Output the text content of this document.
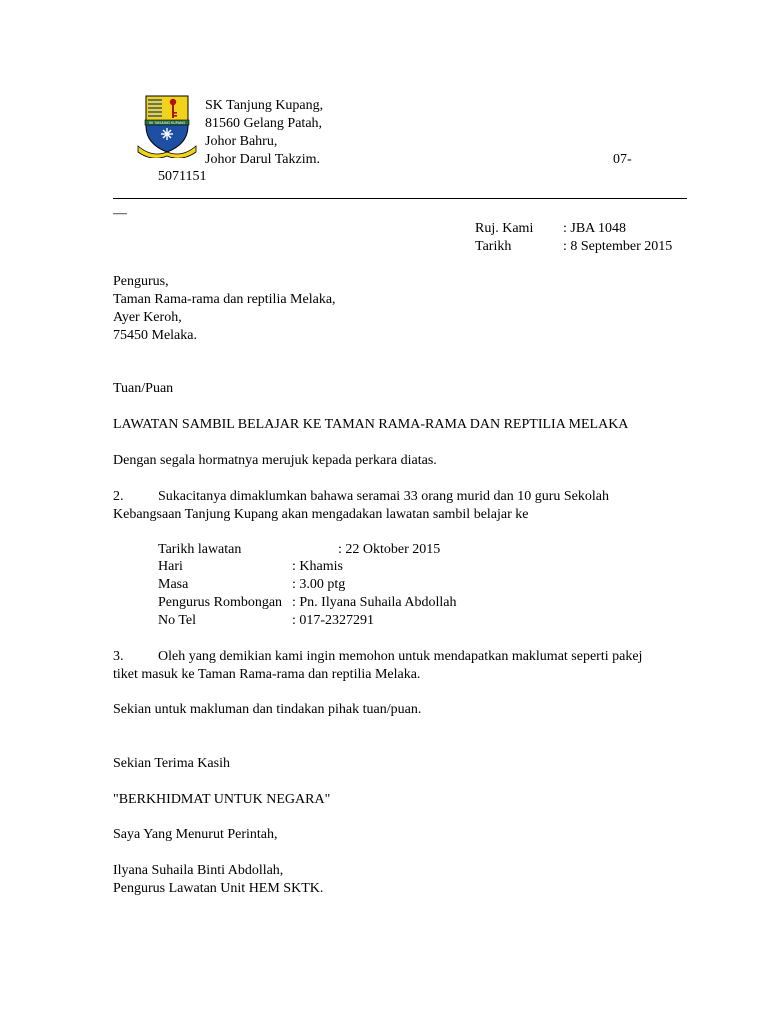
SK TANJUNG KUPANG
SK Tanjung Kupang,
81560 Gelang Patah,
Johor Bahru,
Johor Darul Takzim.	07-
5071151
—
Ruj. Kami : JBA 1048
Tarikh	: 8 September 2015
Pengurus,
Taman Rama-rama dan reptilia Melaka,
Ayer Keroh,
75450 Melaka.
Tuan/Puan
LAWATAN SAMBIL BELAJAR KE TAMAN RAMA-RAMA DAN REPTILIA MELAKA
Dengan segala hormatnya merujuk kepada perkara diatas.
2. Sukacitanya dimaklumkan bahawa seramai 33 orang murid dan 10 guru Sekolah
Kebangsaan Tanjung Kupang akan mengadakan lawatan sambil belajar ke
Tarikh lawatan	: 22 Oktober 2015
Hari	: Khamis
Masa	: 3.00 ptg
Pengurus Rombongan : Pn. Ilyana Suhaila Abdollah
No Tel	: 017-2327291
3. Oleh yang demikian kami ingin memohon untuk mendapatkan maklumat seperti pakej
tiket masuk ke Taman Rama-rama dan reptilia Melaka.
Sekian untuk makluman dan tindakan pihak tuan/puan.
Sekian Terima Kasih
"BERKHIDMAT UNTUK NEGARA"
Saya Yang Menurut Perintah,
Ilyana Suhaila Binti Abdollah,
Pengurus Lawatan Unit HEM SKTK.
